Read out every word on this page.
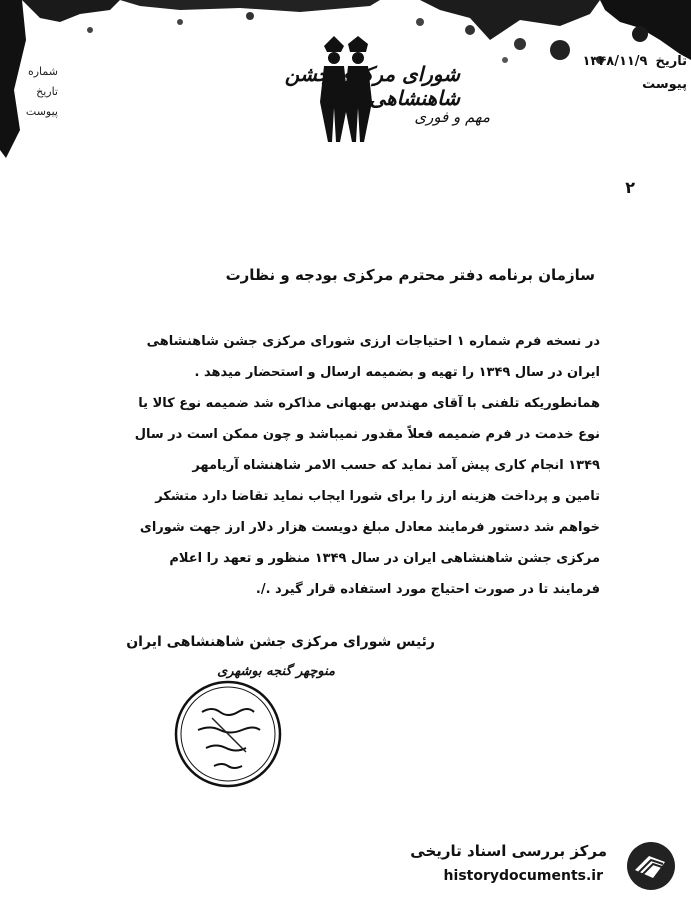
شماره
تاریخ
پیوست
شورای مرکزی جشن شاهنشاهی ایران
مهم و فوری
تاریخ
۱۳۴۸/۱۱/۹
پیوست
۲
سازمان برنامه دفتر محترم مرکزی بودجه و نظارت
در نسخه فرم شماره ۱ احتیاجات ارزی شورای مرکزی جشن شاهنشاهی
ایران در سال ۱۳۴۹ را تهیه و بضمیمه ارسال و استحضار میدهد .
همانطوریکه تلفنی با آقای مهندس بهبهانی مذاکره شد ضمیمه نوع کالا یا
نوع خدمت در فرم ضمیمه فعلاً مقدور نمیباشد و چون ممکن است در سال
۱۳۴۹ انجام کاری پیش آمد نماید که حسب الامر شاهنشاه آریامهر
تامین و پرداخت هزینه ارز را برای شورا ایجاب نماید تقاضا دارد متشکر
خواهم شد دستور فرمایند معادل مبلغ دویست هزار دلار ارز جهت شورای
مرکزی جشن شاهنشاهی ایران در سال ۱۳۴۹ منظور و تعهد را اعلام
فرمایند تا در صورت احتیاج مورد استفاده قرار گیرد ./.
رئیس شورای مرکزی جشن شاهنشاهی ایران
منوچهر گنجه بوشهری
مرکز بررسی اسناد تاریخی
historydocuments.ir
